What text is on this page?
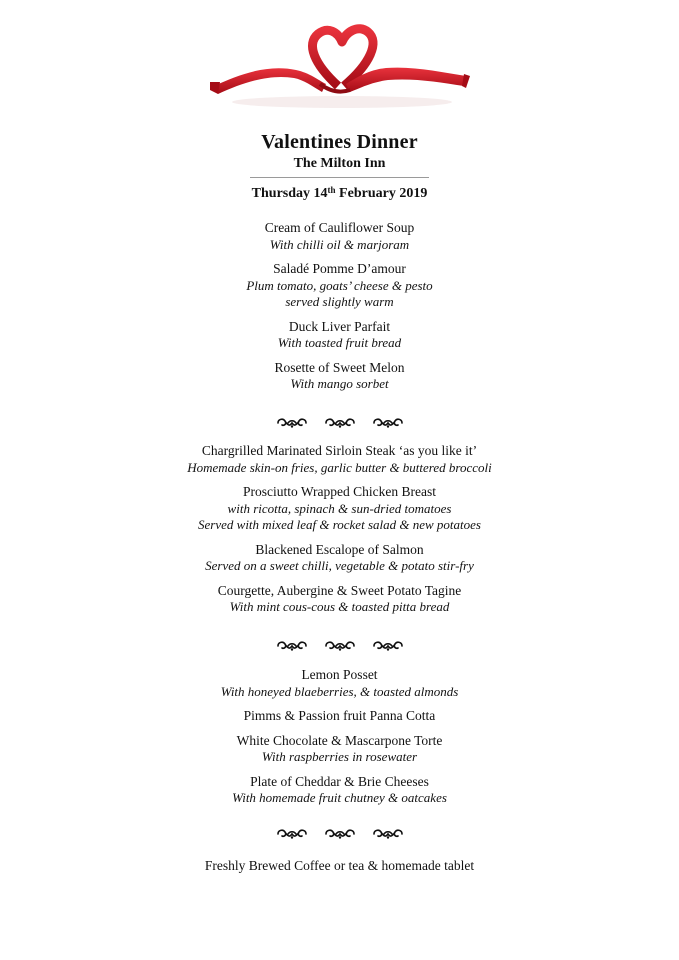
Valentines Dinner
The Milton Inn
Thursday 14th February 2019
Cream of Cauliflower Soup
With chilli oil & marjoram
Saladé Pomme D’amour
Plum tomato, goats’ cheese & pesto
served slightly warm
Duck Liver Parfait
With toasted fruit bread
Rosette of Sweet Melon
With mango sorbet
Chargrilled Marinated Sirloin Steak ‘as you like it’
Homemade skin-on fries, garlic butter & buttered broccoli
Prosciutto Wrapped Chicken Breast
with ricotta, spinach & sun-dried tomatoes
Served with mixed leaf & rocket salad & new potatoes
Blackened Escalope of Salmon
Served on a sweet chilli, vegetable & potato stir-fry
Courgette, Aubergine & Sweet Potato Tagine
With mint cous-cous & toasted pitta bread
Lemon Posset
With honeyed blaeberries, & toasted almonds
Pimms & Passion fruit Panna Cotta
White Chocolate & Mascarpone Torte
With raspberries in rosewater
Plate of Cheddar & Brie Cheeses
With homemade fruit chutney & oatcakes
Freshly Brewed Coffee or tea & homemade tablet
